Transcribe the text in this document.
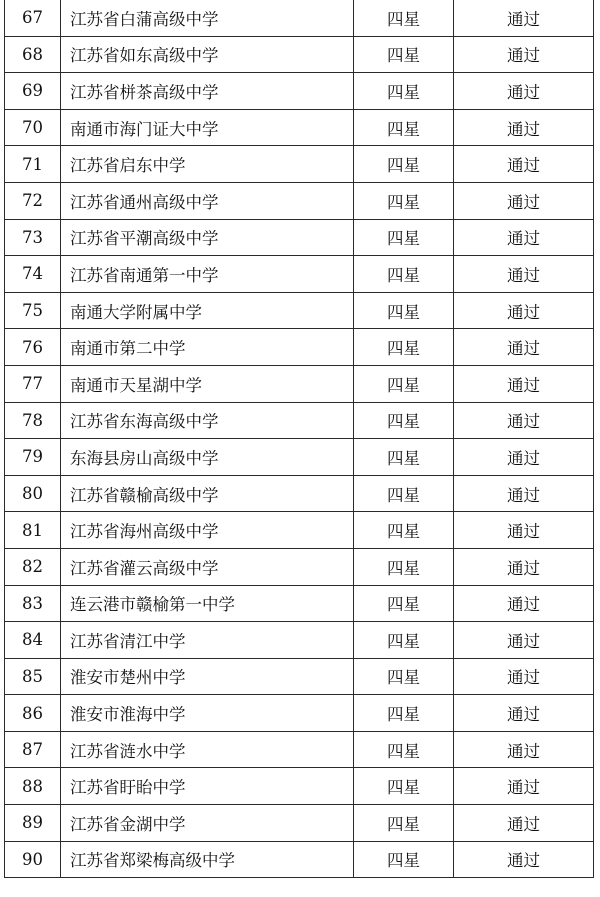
67	江苏省白蒲高级中学	四星	通过
68	江苏省如东高级中学	四星	通过
69	江苏省栟茶高级中学	四星	通过
70	南通市海门证大中学	四星	通过
71	江苏省启东中学	四星	通过
72	江苏省通州高级中学	四星	通过
73	江苏省平潮高级中学	四星	通过
74	江苏省南通第一中学	四星	通过
75	南通大学附属中学	四星	通过
76	南通市第二中学	四星	通过
77	南通市天星湖中学	四星	通过
78	江苏省东海高级中学	四星	通过
79	东海县房山高级中学	四星	通过
80	江苏省赣榆高级中学	四星	通过
81	江苏省海州高级中学	四星	通过
82	江苏省灌云高级中学	四星	通过
83	连云港市赣榆第一中学	四星	通过
84	江苏省清江中学	四星	通过
85	淮安市楚州中学	四星	通过
86	淮安市淮海中学	四星	通过
87	江苏省涟水中学	四星	通过
88	江苏省盱眙中学	四星	通过
89	江苏省金湖中学	四星	通过
90	江苏省郑梁梅高级中学	四星	通过
